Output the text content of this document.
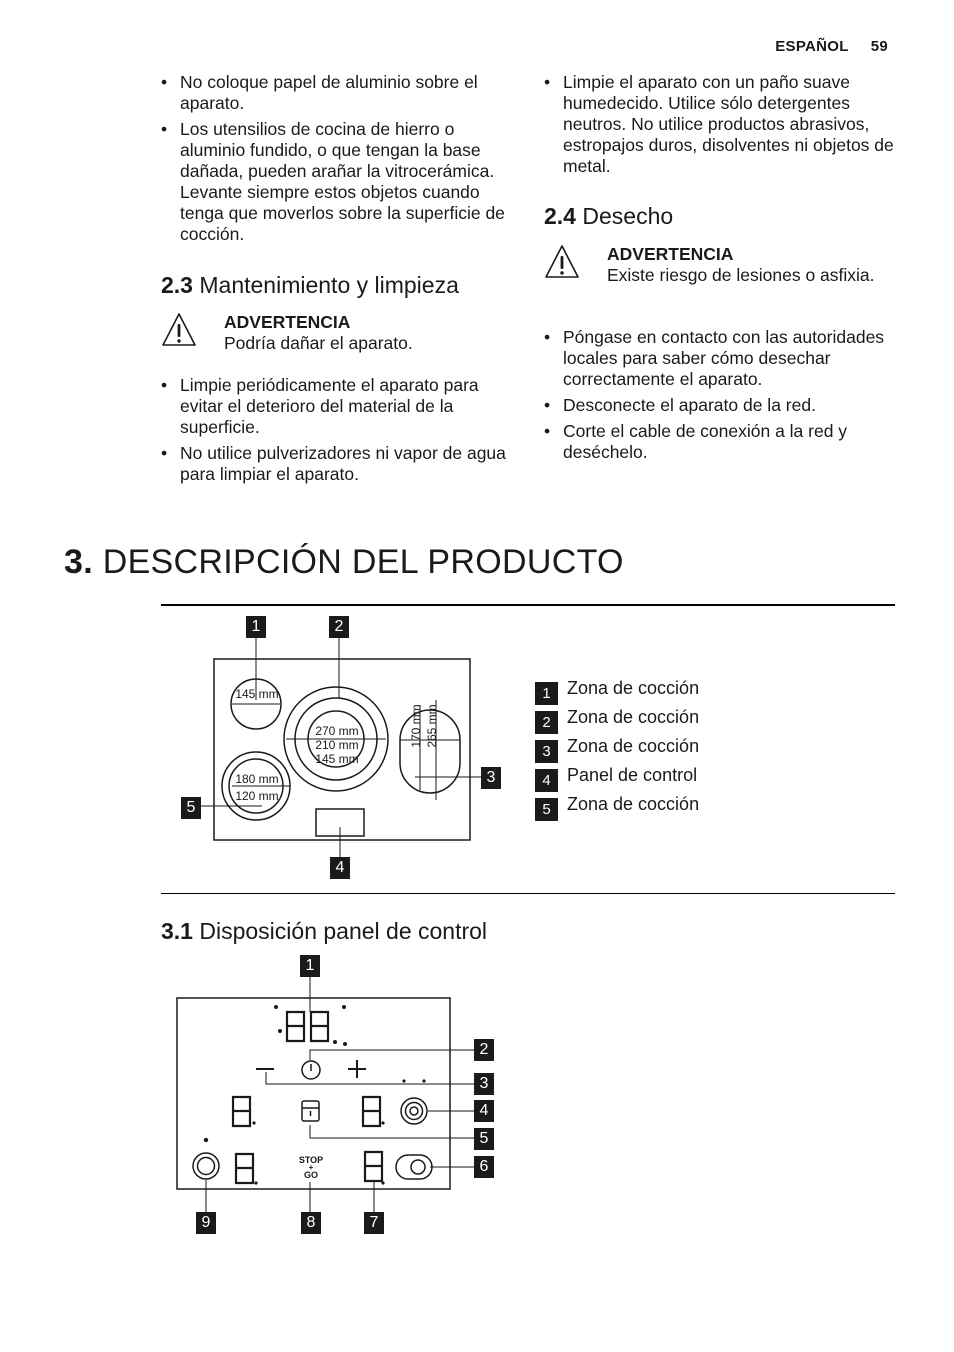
ESPAÑOL 59
• No coloque papel de aluminio sobre el aparato.
• Los utensilios de cocina de hierro o aluminio fundido, o que tengan la base dañada, pueden arañar la vitrocerámica. Levante siempre estos objetos cuando tenga que moverlos sobre la superficie de cocción.
2.3 Mantenimiento y limpieza
ADVERTENCIA
Podría dañar el aparato.
• Limpie periódicamente el aparato para evitar el deterioro del material de la superficie.
• No utilice pulverizadores ni vapor de agua para limpiar el aparato.
• Limpie el aparato con un paño suave humedecido. Utilice sólo detergentes neutros. No utilice productos abrasivos, estropajos duros, disolventes ni objetos de metal.
2.4 Desecho
ADVERTENCIA
Existe riesgo de lesiones o asfixia.
• Póngase en contacto con las autoridades locales para saber cómo desechar correctamente el aparato.
• Desconecte el aparato de la red.
• Corte el cable de conexión a la red y deséchelo.
3. DESCRIPCIÓN DEL PRODUCTO
145 mm
270 mm
210 mm
145 mm
180 mm
120 mm
170 mm 265 mm
1	2
3
4
5
1 Zona de cocción
2 Zona de cocción
3 Zona de cocción
4 Panel de control
5 Zona de cocción
3.1 Disposición panel de control
STOP
+
GO
1
2
3
4
5
6
7
8
9
